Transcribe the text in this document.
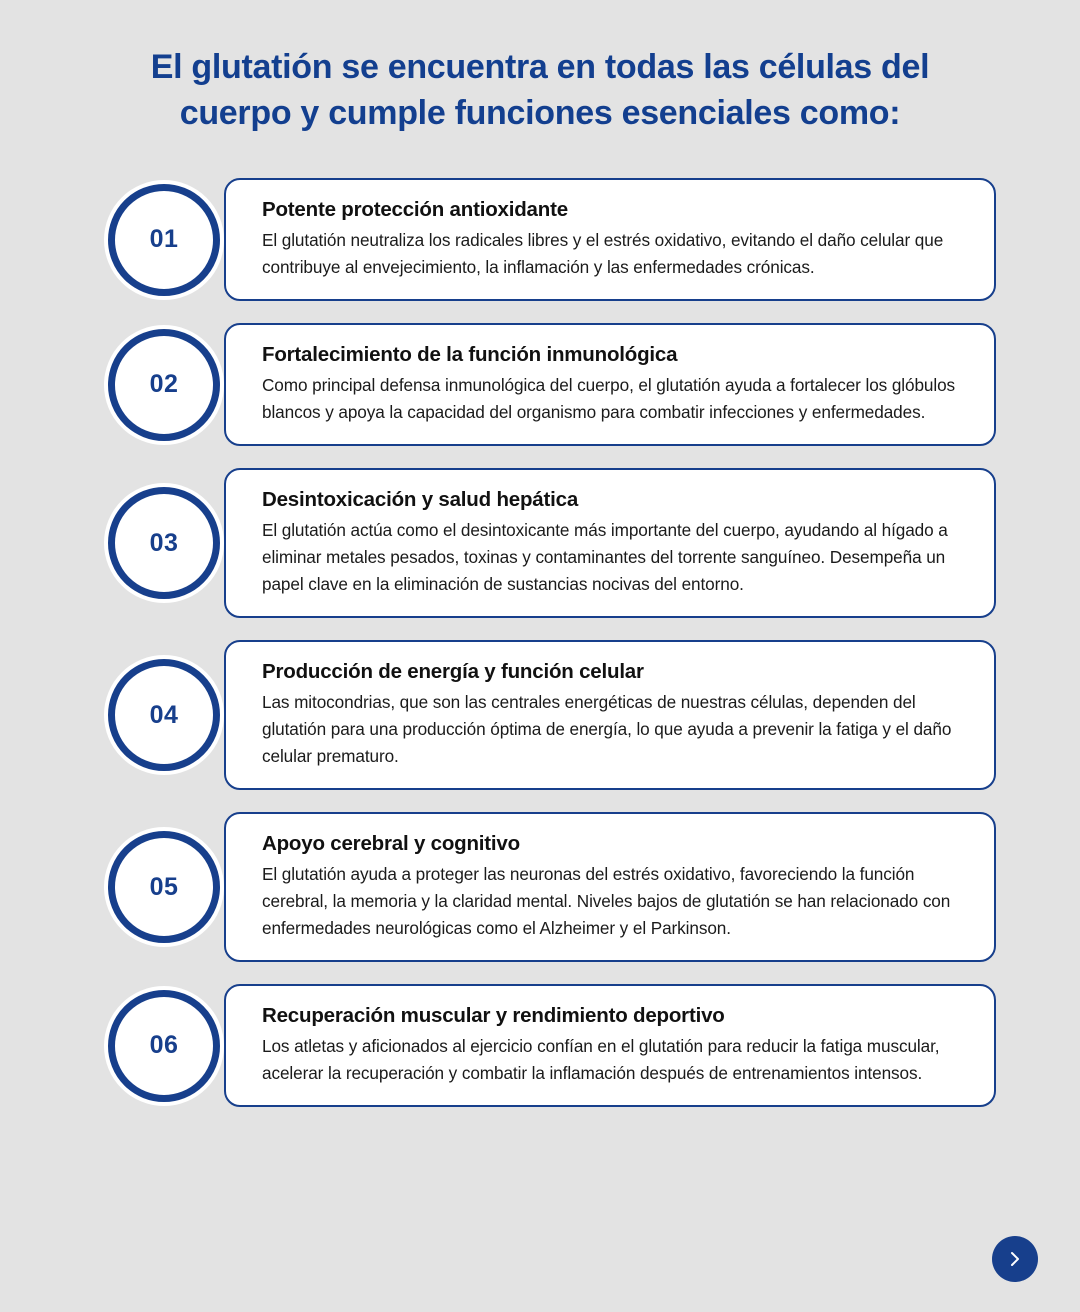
El glutatión se encuentra en todas las células del
cuerpo y cumple funciones esenciales como:
01

Potente protección antioxidante

El glutatión neutraliza los radicales libres y el estrés oxidativo, evitando el daño celular que contribuye al envejecimiento, la inflamación y las enfermedades crónicas.

02

Fortalecimiento de la función inmunológica

Como principal defensa inmunológica del cuerpo, el glutatión ayuda a fortalecer los glóbulos blancos y apoya la capacidad del organismo para combatir infecciones y enfermedades.

03

Desintoxicación y salud hepática

El glutatión actúa como el desintoxicante más importante del cuerpo, ayudando al hígado a eliminar metales pesados, toxinas y contaminantes del torrente sanguíneo. Desempeña un papel clave en la eliminación de sustancias nocivas del entorno.

04

Producción de energía y función celular

Las mitocondrias, que son las centrales energéticas de nuestras células, dependen del glutatión para una producción óptima de energía, lo que ayuda a prevenir la fatiga y el daño celular prematuro.

05

Apoyo cerebral y cognitivo

El glutatión ayuda a proteger las neuronas del estrés oxidativo, favoreciendo la función cerebral, la memoria y la claridad mental. Niveles bajos de glutatión se han relacionado con enfermedades neurológicas como el Alzheimer y el Parkinson.

06

Recuperación muscular y rendimiento deportivo

Los atletas y aficionados al ejercicio confían en el glutatión para reducir la fatiga muscular, acelerar la recuperación y combatir la inflamación después de entrenamientos intensos.
